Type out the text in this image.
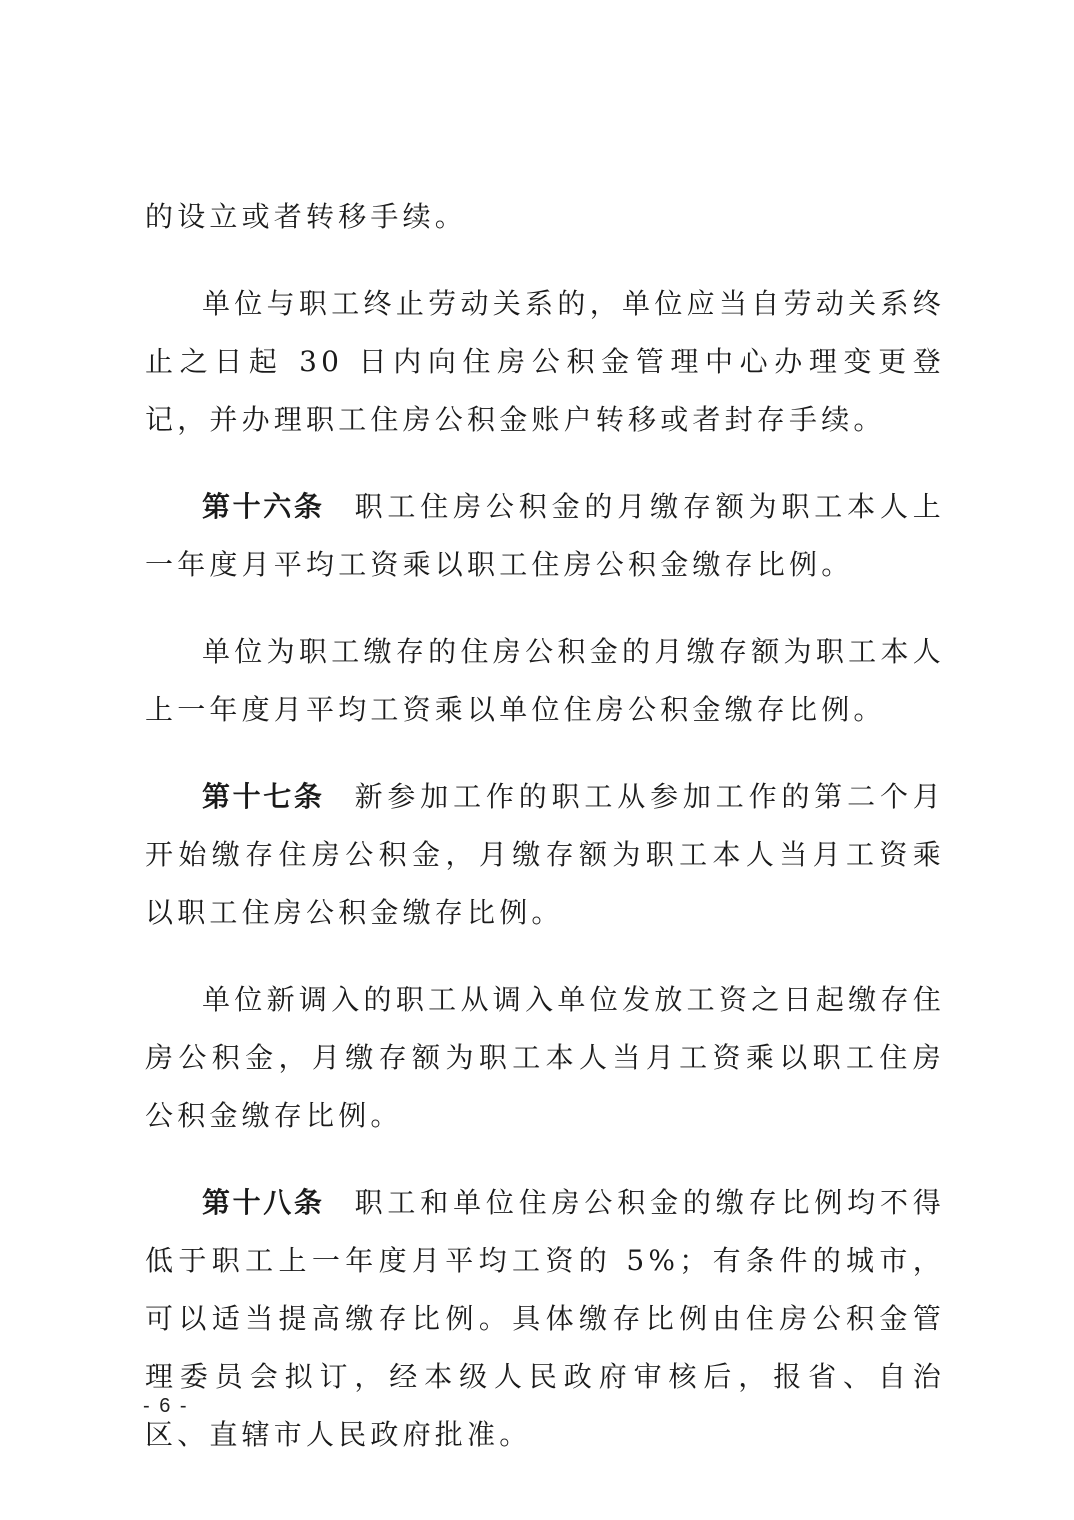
的设立或者转移手续。

单位与职工终止劳动关系的，单位应当自劳动关系终止之日起 30 日内向住房公积金管理中心办理变更登记，并办理职工住房公积金账户转移或者封存手续。

第十六条 职工住房公积金的月缴存额为职工本人上一年度月平均工资乘以职工住房公积金缴存比例。

单位为职工缴存的住房公积金的月缴存额为职工本人上一年度月平均工资乘以单位住房公积金缴存比例。

第十七条 新参加工作的职工从参加工作的第二个月开始缴存住房公积金，月缴存额为职工本人当月工资乘以职工住房公积金缴存比例。

单位新调入的职工从调入单位发放工资之日起缴存住房公积金，月缴存额为职工本人当月工资乘以职工住房公积金缴存比例。

第十八条 职工和单位住房公积金的缴存比例均不得低于职工上一年度月平均工资的 5%；有条件的城市，可以适当提高缴存比例。具体缴存比例由住房公积金管理委员会拟订，经本级人民政府审核后，报省、自治区、直辖市人民政府批准。

- 6 -
